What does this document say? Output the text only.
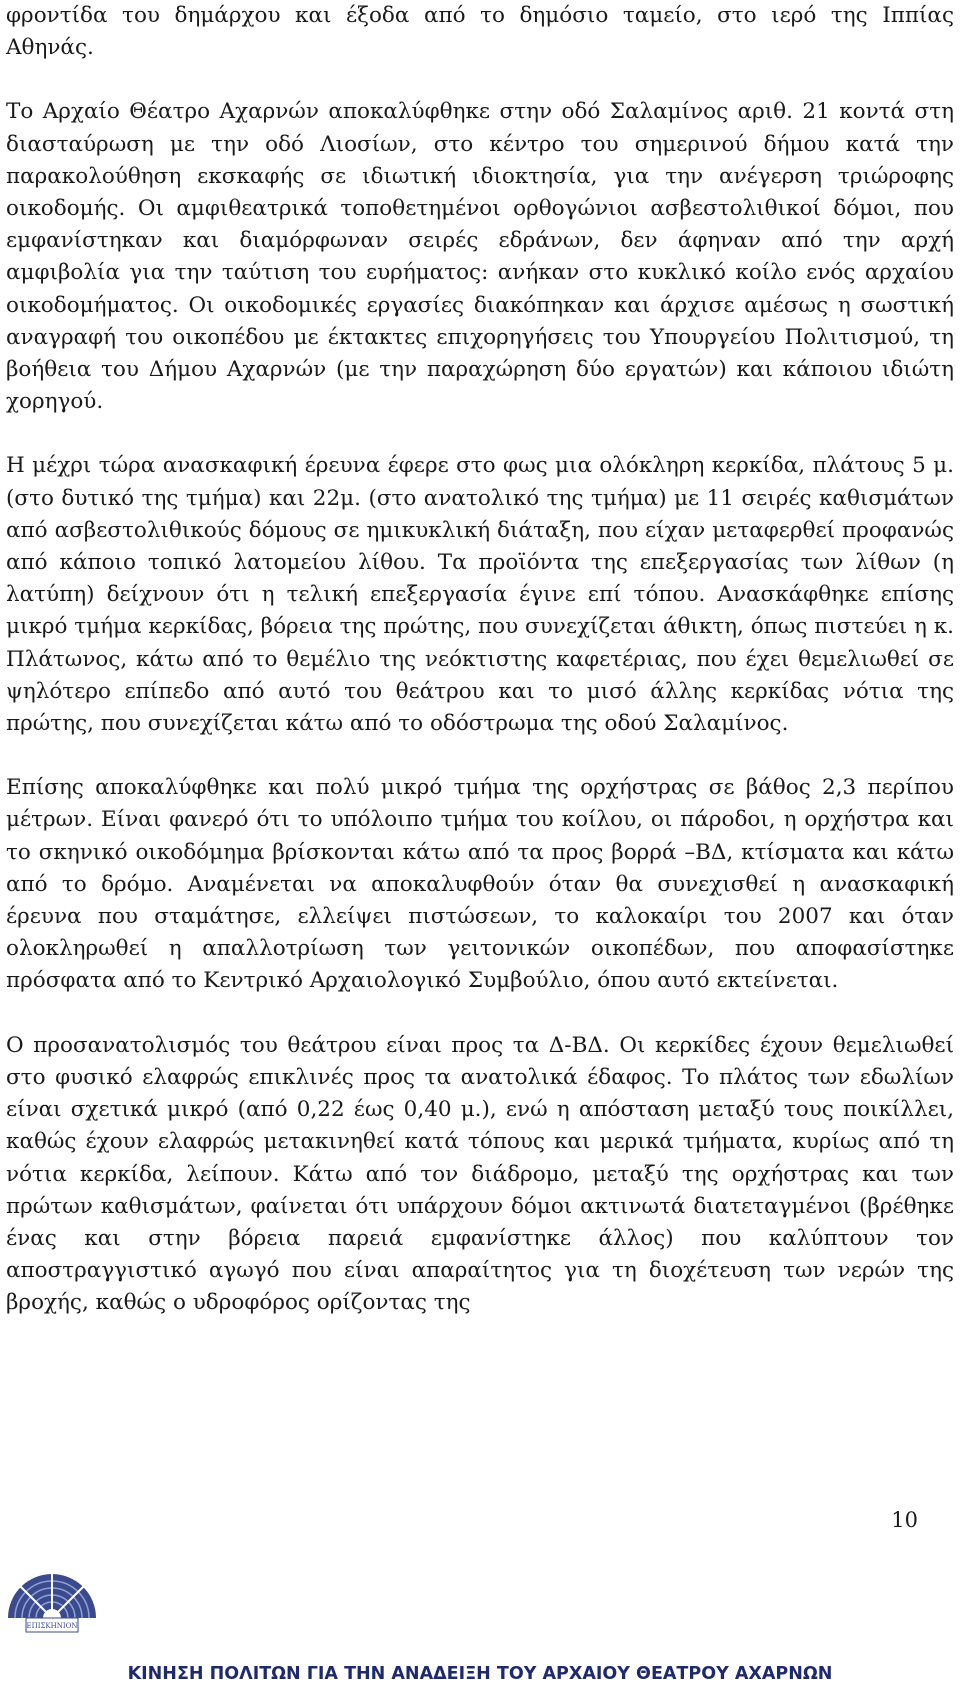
φροντίδα του δημάρχου και έξοδα από το δημόσιο ταμείο, στο ιερό της Ιππίας Αθηνάς.

Το Αρχαίο Θέατρο Αχαρνών αποκαλύφθηκε στην οδό Σαλαμίνος αριθ. 21 κοντά στη διασταύρωση με την οδό Λιοσίων, στο κέντρο του σημερινού δήμου κατά την παρακολούθηση εκσκαφής σε ιδιωτική ιδιοκτησία, για την ανέγερση τριώροφης οικοδομής. Οι αμφιθεατρικά τοποθετημένοι ορθογώνιοι ασβεστολιθικοί δόμοι, που εμφανίστηκαν και διαμόρφωναν σειρές εδράνων, δεν άφηναν από την αρχή αμφιβολία για την ταύτιση του ευρήματος: ανήκαν στο κυκλικό κοίλο ενός αρχαίου οικοδομήματος. Οι οικοδομικές εργασίες διακόπηκαν και άρχισε αμέσως η σωστική αναγραφή του οικοπέδου με έκτακτες επιχορηγήσεις του Υπουργείου Πολιτισμού, τη βοήθεια του Δήμου Αχαρνών (με την παραχώρηση δύο εργατών) και κάποιου ιδιώτη χορηγού.

Η μέχρι τώρα ανασκαφική έρευνα έφερε στο φως μια ολόκληρη κερκίδα, πλάτους 5 μ. (στο δυτικό της τμήμα) και 22μ. (στο ανατολικό της τμήμα) με 11 σειρές καθισμάτων από ασβεστολιθικούς δόμους σε ημικυκλική διάταξη, που είχαν μεταφερθεί προφανώς από κάποιο τοπικό λατομείου λίθου. Τα προϊόντα της επεξεργασίας των λίθων (η λατύπη) δείχνουν ότι η τελική επεξεργασία έγινε επί τόπου. Ανασκάφθηκε επίσης μικρό τμήμα κερκίδας, βόρεια της πρώτης, που συνεχίζεται άθικτη, όπως πιστεύει η κ. Πλάτωνος, κάτω από το θεμέλιο της νεόκτιστης καφετέριας, που έχει θεμελιωθεί σε ψηλότερο επίπεδο από αυτό του θεάτρου και το μισό άλλης κερκίδας νότια της πρώτης, που συνεχίζεται κάτω από το οδόστρωμα της οδού Σαλαμίνος.

Επίσης αποκαλύφθηκε και πολύ μικρό τμήμα της ορχήστρας σε βάθος 2,3 περίπου μέτρων. Είναι φανερό ότι το υπόλοιπο τμήμα του κοίλου, οι πάροδοι, η ορχήστρα και το σκηνικό οικοδόμημα βρίσκονται κάτω από τα προς βορρά –ΒΔ, κτίσματα και κάτω από το δρόμο. Αναμένεται να αποκαλυφθούν όταν θα συνεχισθεί η ανασκαφική έρευνα που σταμάτησε, ελλείψει πιστώσεων, το καλοκαίρι του 2007 και όταν ολοκληρωθεί η απαλλοτρίωση των γειτονικών οικοπέδων, που αποφασίστηκε πρόσφατα από το Κεντρικό Αρχαιολογικό Συμβούλιο, όπου αυτό εκτείνεται.

Ο προσανατολισμός του θεάτρου είναι προς τα Δ-ΒΔ. Οι κερκίδες έχουν θεμελιωθεί στο φυσικό ελαφρώς επικλινές προς τα ανατολικά έδαφος. Το πλάτος των εδωλίων είναι σχετικά μικρό (από 0,22 έως 0,40 μ.), ενώ η απόσταση μεταξύ τους ποικίλλει, καθώς έχουν ελαφρώς μετακινηθεί κατά τόπους και μερικά τμήματα, κυρίως από τη νότια κερκίδα, λείπουν. Κάτω από τον διάδρομο, μεταξύ της ορχήστρας και των πρώτων καθισμάτων, φαίνεται ότι υπάρχουν δόμοι ακτινωτά διατεταγμένοι (βρέθηκε ένας και στην βόρεια παρειά εμφανίστηκε άλλος) που καλύπτουν τον αποστραγγιστικό αγωγό που είναι απαραίτητος για τη διοχέτευση των νερών της βροχής, καθώς ο υδροφόρος ορίζοντας της

10
ΕΠΙΣΚΗΝΙΟΝ
ΚΙΝΗΣΗ ΠΟΛΙΤΩΝ ΓΙΑ ΤΗΝ ΑΝΑΔΕΙΞΗ ΤΟΥ ΑΡΧΑΙΟΥ ΘΕΑΤΡΟΥ ΑΧΑΡΝΩΝ
